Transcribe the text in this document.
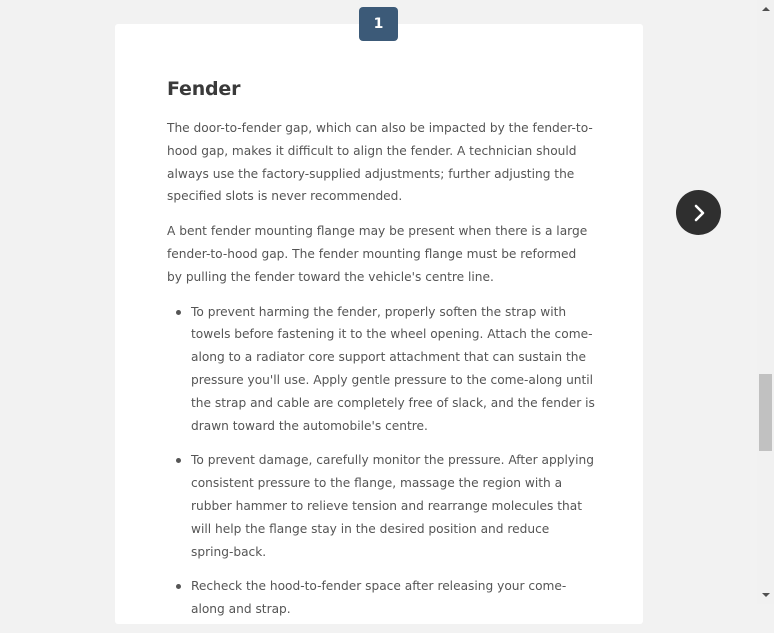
1
Fender

The door-to-fender gap, which can also be impacted by the fender-to-hood gap, makes it difficult to align the fender. A technician should always use the factory-supplied adjustments; further adjusting the specified slots is never recommended.

A bent fender mounting flange may be present when there is a large fender-to-hood gap. The fender mounting flange must be reformed by pulling the fender toward the vehicle's centre line.

To prevent harming the fender, properly soften the strap with towels before fastening it to the wheel opening. Attach the come-along to a radiator core support attachment that can sustain the pressure you'll use. Apply gentle pressure to the come-along until the strap and cable are completely free of slack, and the fender is drawn toward the automobile's centre.
To prevent damage, carefully monitor the pressure. After applying consistent pressure to the flange, massage the region with a rubber hammer to relieve tension and rearrange molecules that will help the flange stay in the desired position and reduce spring-back.
Recheck the hood-to-fender space after releasing your come-along and strap.
